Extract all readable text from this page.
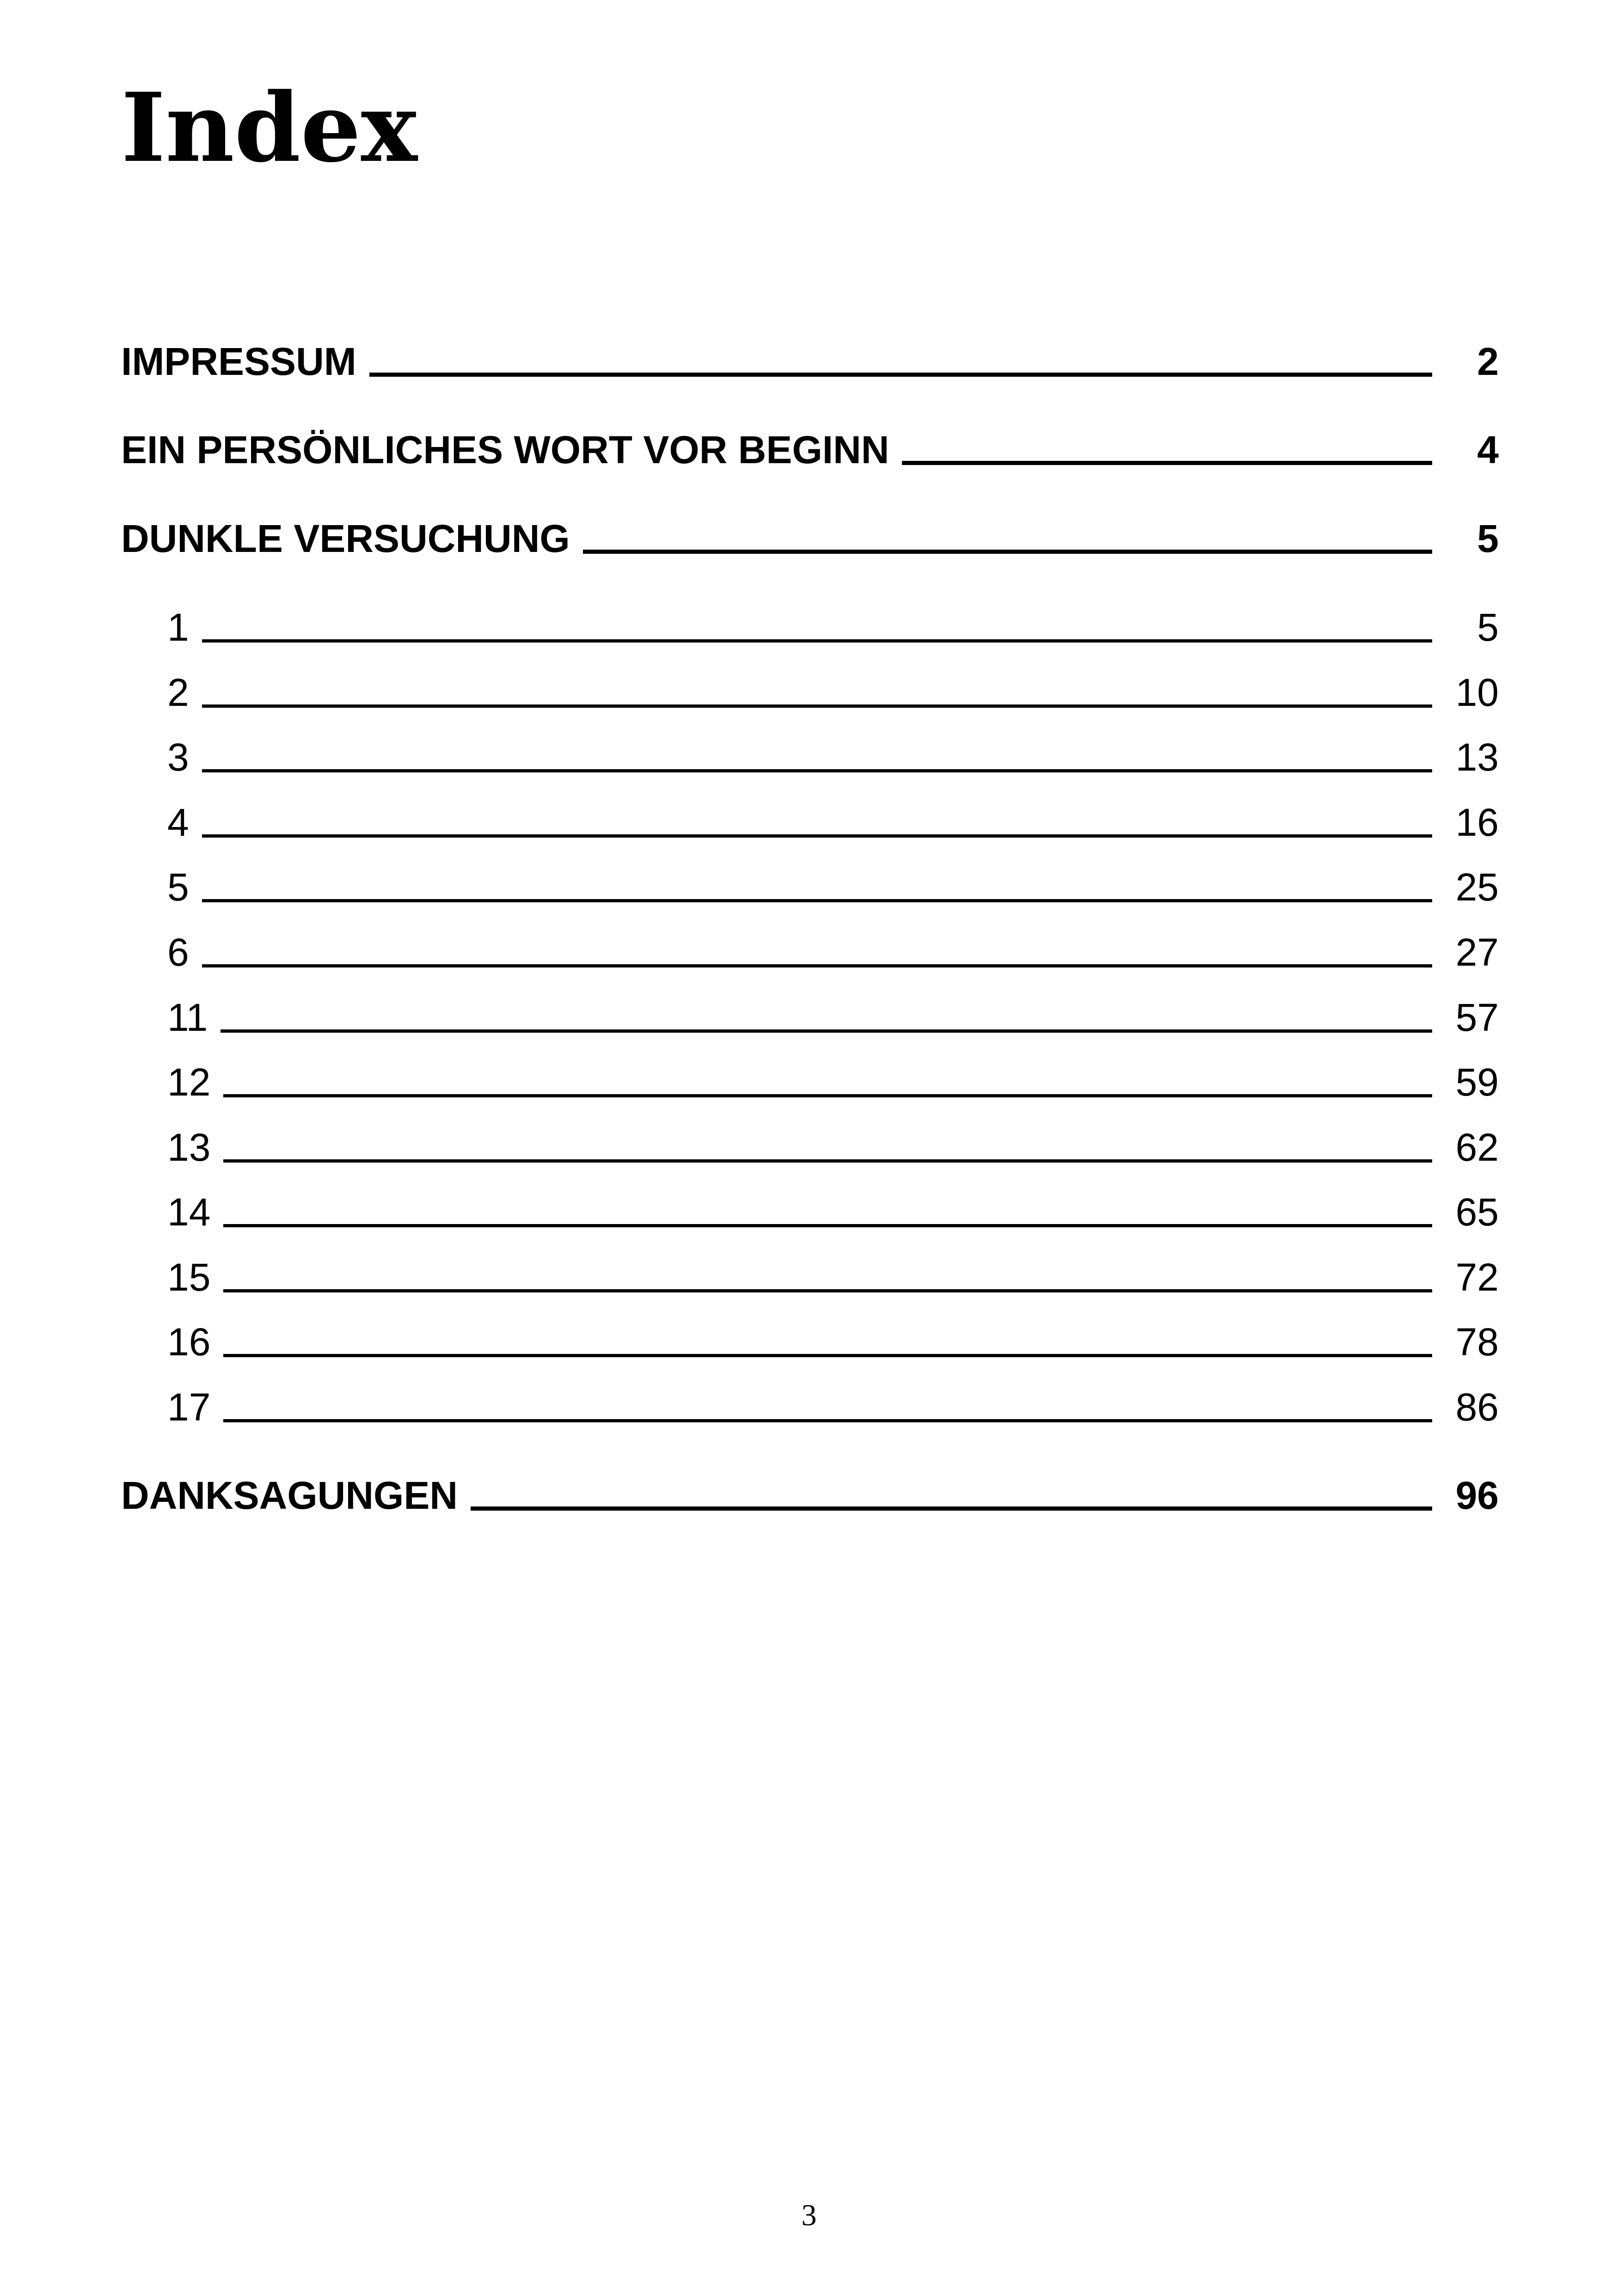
Index
IMPRESSUM	2
EIN PERSÖNLICHES WORT VOR BEGINN	4
DUNKLE VERSUCHUNG	5
1	5
2	10
3	13
4	16
5	25
6	27
11	57
12	59
13	62
14	65
15	72
16	78
17	86
DANKSAGUNGEN	96
3
